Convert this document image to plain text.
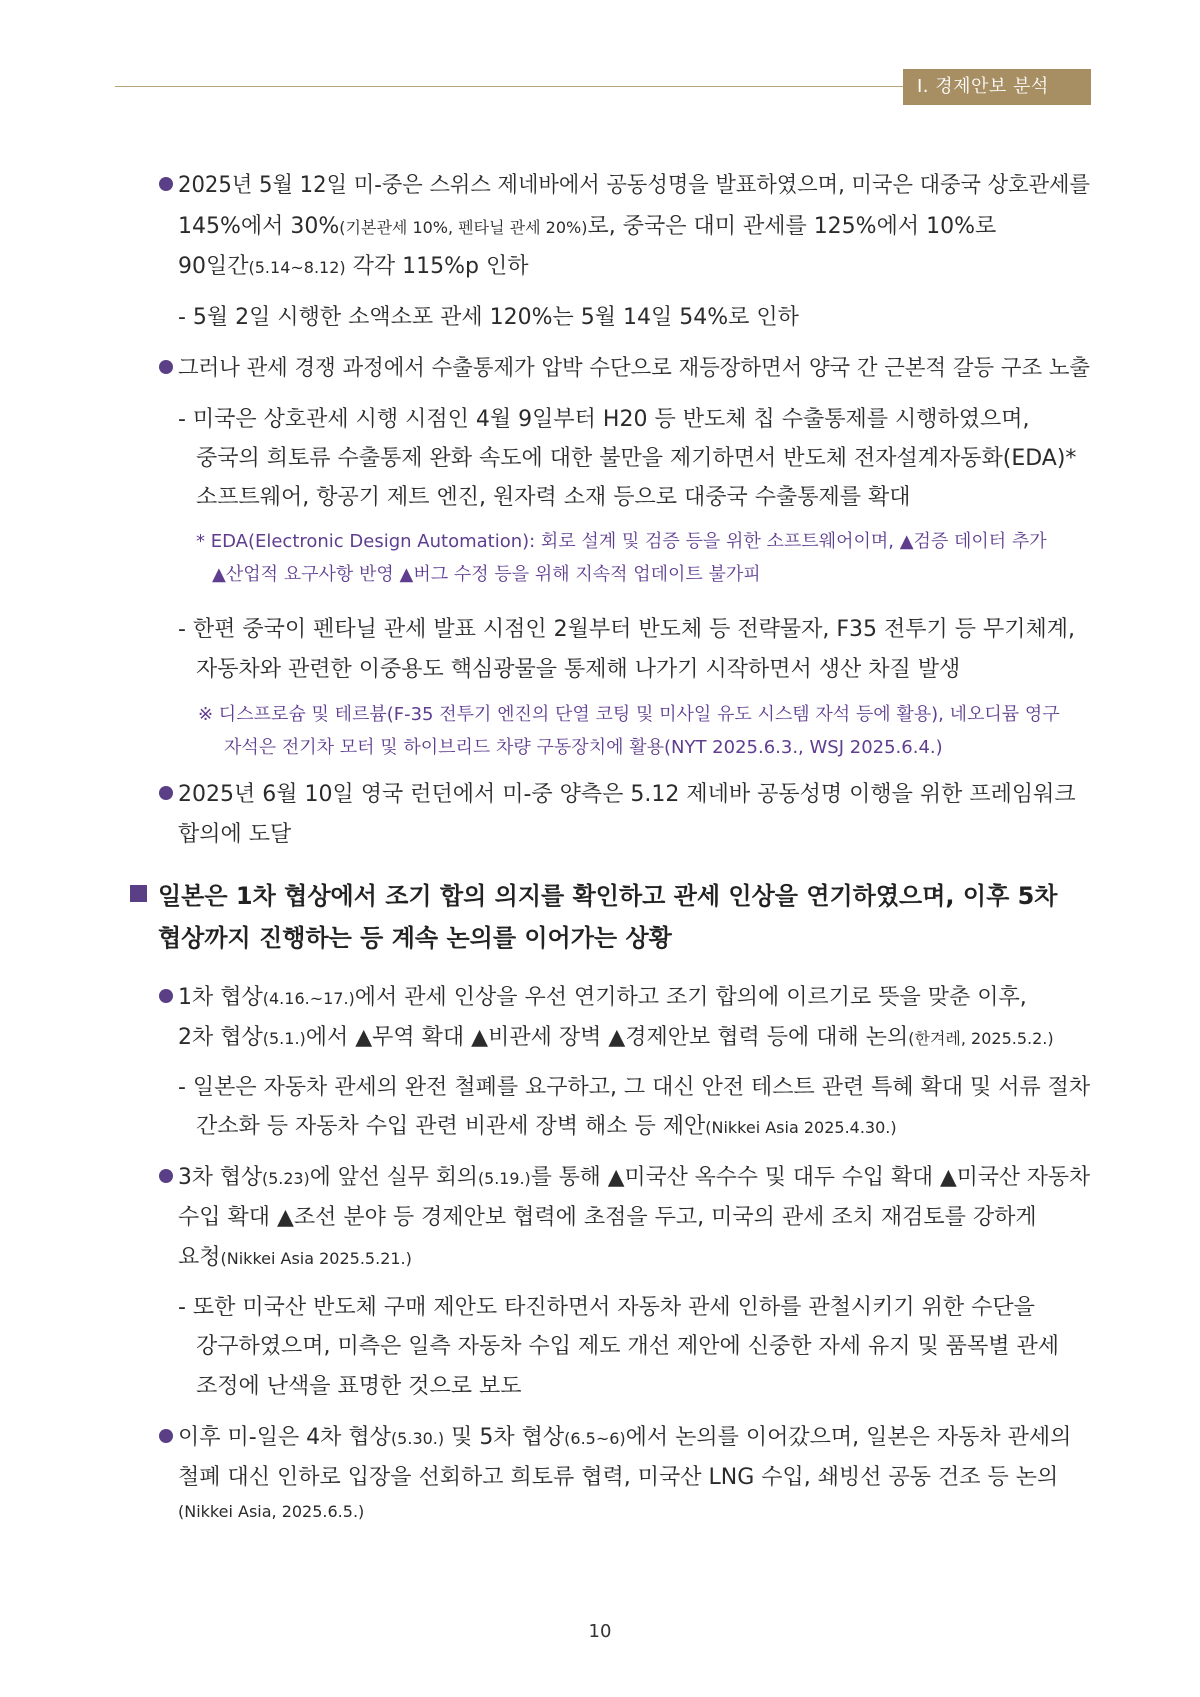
Ⅰ. 경제안보 분석
2025년 5월 12일 미-중은 스위스 제네바에서 공동성명을 발표하였으며, 미국은 대중국 상호관세를
145%에서 30%(기본관세 10%, 펜타닐 관세 20%)로, 중국은 대미 관세를 125%에서 10%로
90일간(5.14~8.12) 각각 115%p 인하
- 5월 2일 시행한 소액소포 관세 120%는 5월 14일 54%로 인하
그러나 관세 경쟁 과정에서 수출통제가 압박 수단으로 재등장하면서 양국 간 근본적 갈등 구조 노출
- 미국은 상호관세 시행 시점인 4월 9일부터 H20 등 반도체 칩 수출통제를 시행하였으며,
중국의 희토류 수출통제 완화 속도에 대한 불만을 제기하면서 반도체 전자설계자동화(EDA)*
소프트웨어, 항공기 제트 엔진, 원자력 소재 등으로 대중국 수출통제를 확대
* EDA(Electronic Design Automation): 회로 설계 및 검증 등을 위한 소프트웨어이며, ▲검증 데이터 추가
▲산업적 요구사항 반영 ▲버그 수정 등을 위해 지속적 업데이트 불가피
- 한편 중국이 펜타닐 관세 발표 시점인 2월부터 반도체 등 전략물자, F35 전투기 등 무기체계,
자동차와 관련한 이중용도 핵심광물을 통제해 나가기 시작하면서 생산 차질 발생
※ 디스프로슘 및 테르븀(F-35 전투기 엔진의 단열 코팅 및 미사일 유도 시스템 자석 등에 활용), 네오디뮴 영구
자석은 전기차 모터 및 하이브리드 차량 구동장치에 활용(NYT 2025.6.3., WSJ 2025.6.4.)
2025년 6월 10일 영국 런던에서 미-중 양측은 5.12 제네바 공동성명 이행을 위한 프레임워크
합의에 도달
일본은 1차 협상에서 조기 합의 의지를 확인하고 관세 인상을 연기하였으며, 이후 5차
협상까지 진행하는 등 계속 논의를 이어가는 상황
1차 협상(4.16.~17.)에서 관세 인상을 우선 연기하고 조기 합의에 이르기로 뜻을 맞춘 이후,
2차 협상(5.1.)에서 ▲무역 확대 ▲비관세 장벽 ▲경제안보 협력 등에 대해 논의(한겨레, 2025.5.2.)
- 일본은 자동차 관세의 완전 철폐를 요구하고, 그 대신 안전 테스트 관련 특혜 확대 및 서류 절차
간소화 등 자동차 수입 관련 비관세 장벽 해소 등 제안(Nikkei Asia 2025.4.30.)
3차 협상(5.23)에 앞선 실무 회의(5.19.)를 통해 ▲미국산 옥수수 및 대두 수입 확대 ▲미국산 자동차
수입 확대 ▲조선 분야 등 경제안보 협력에 초점을 두고, 미국의 관세 조치 재검토를 강하게
요청(Nikkei Asia 2025.5.21.)
- 또한 미국산 반도체 구매 제안도 타진하면서 자동차 관세 인하를 관철시키기 위한 수단을
강구하였으며, 미측은 일측 자동차 수입 제도 개선 제안에 신중한 자세 유지 및 품목별 관세
조정에 난색을 표명한 것으로 보도
이후 미-일은 4차 협상(5.30.) 및 5차 협상(6.5~6)에서 논의를 이어갔으며, 일본은 자동차 관세의
철폐 대신 인하로 입장을 선회하고 희토류 협력, 미국산 LNG 수입, 쇄빙선 공동 건조 등 논의
(Nikkei Asia, 2025.6.5.)
10
